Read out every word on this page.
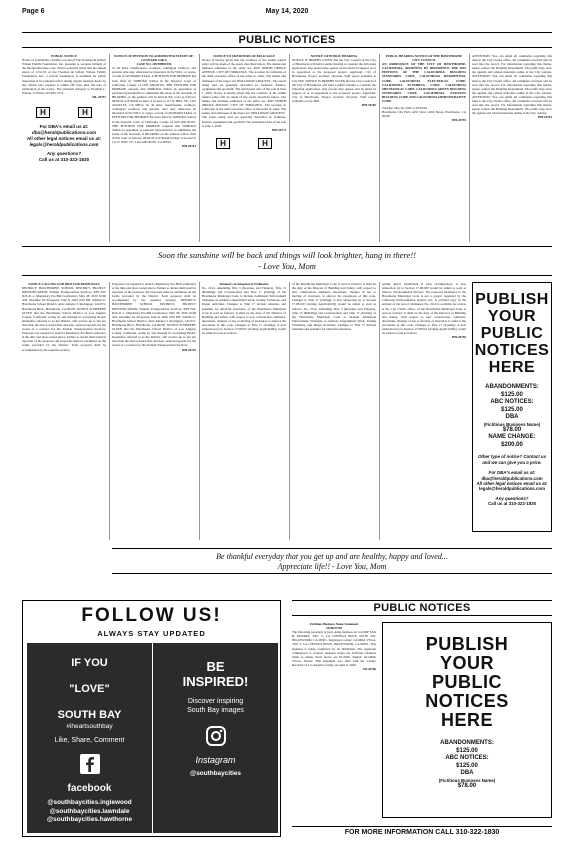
Page 6	May 14, 2020
PUBLIC NOTICES
PUBLIC NOTICE
Notice of availability of public records of The Freeman & Gilbert Wilson Family Foundation, Inc. pursuant to sections 6104(d) of the Internal Revenue code. Notice is hereby given that the annual return of 1231/19 of the Freeman & Gilbert Wilson Family Foundation, Inc., a private foundation, is available for public inspection at its principal office during regular business hours by any citizen who requests it within 180 days after the date of publication of the notice. The principal manager is Freeman L. Wilson, Jr. Phone 310-835-1574.
HL-26757
H	H
For DBA's email us at:
dba@heraldpublications.com
All other legal notices email us at:
legals@heraldpublications.com
Any questions?
Call us at 310-322-1830
NOTICE OF PETITION TO ADMINISTER ESTATE OF:
LEONARD SAKA
CASE NO. 20STPB01594
To all heirs, beneficiaries, creditors, contingent creditors, and persons who may otherwise be interested in the WILL or estate, or both of LEONARD SAKA. A PETITION FOR PROBATE has been filed by NOBUKO SAKA in the Superior Court of California, County of LOS ANGELES. THE PETITION FOR PROBATE requests that NOBUKO SAKA be appointed as personal representative to administer the estate of the decedent. A HEARING on the petition will be held in this court as follows: 06/02/20 at 8:30AM in Dept. 9 located at 111 N. HILL ST., LOS ANGELES, CA 90012. To all heirs, beneficiaries, creditors, contingent creditors, and persons who may otherwise be interested in the WILL or estate, or both of LEONARD SAKA. A PETITION FOR PROBATE has been filed by NOBUKO SAKA in the Superior Court of California, County of LOS ANGELES. THE PETITION FOR PROBATE requests that NOBUKO SAKA be appointed as personal representative to administer the estate of the decedent. A HEARING on the petition will be held in this court as follows: 06/02/20 at 8:30AM in Dept. 9 located at 111 N. HILL ST., LOS ANGELES, CA 90012.
HH-26761
NOTICE TO CREDITORS OF BULK SALE
Notice is hereby given that the creditors of the within named seller will be made of the assets described below. The names and business addresses of the seller are: 4025 NORTH ORIOLE AVENUE, CITY OF TORRANCE. The location in California of the chief executive office of the seller is: same. The names and addresses of the buyer are: HOLLOWAY GROUP PC. The assets being sold are generally described as: furniture, fixtures, equipment and goodwill. The anticipated date of the sale is June 1, 2020. Notice is hereby given that the creditors of the within named seller will be made of the assets described below. The names and business addresses of the seller are: 4025 NORTH ORIOLE AVENUE, CITY OF TORRANCE. The location in California of the chief executive office of the seller is: same. The names and addresses of the buyer are: HOLLOWAY GROUP PC. The assets being sold are generally described as: furniture, fixtures, equipment and goodwill. The anticipated date of the sale is June 1, 2020.
HH-26773
H	H
NOTICE OF PUBLIC HEARING
NOTICE IS HEREBY GIVEN that the City Council of the City of Hawthorne will hold a public hearing to consider the following application. Any person may appear and be heard in support of or in opposition to the proposed project. Applicant: City of Hawthorne. Project location: citywide. Staff report available at City Hall. NOTICE IS HEREBY GIVEN that the City Council of the City of Hawthorne will hold a public hearing to consider the following application. Any person may appear and be heard in support of or in opposition to the proposed project. Applicant: City of Hawthorne. Project location: citywide. Staff report available at City Hall.
HH-26760
PUBLIC HEARING NOTICE OF THE HAWTHORNE CITY COUNCIL
AN ORDINANCE OF THE CITY OF HAWTHORNE, CALIFORNIA, ADOPTING BY REFERENCE THE 2019 EDITIONS OF THE CALIFORNIA BUILDING STANDARDS CODE, CALIFORNIA RESIDENTIAL CODE, CALIFORNIA ELECTRICAL CODE, CALIFORNIA PLUMBING CODE, CALIFORNIA MECHANICAL CODE, CALIFORNIA GREEN BUILDING STANDARDS CODE, CALIFORNIA EXISTING BUILDING CODE AND CALIFORNIA ADMINISTRATIVE CODE.
Tuesday, May 26, 2020 at 6:00 PM
Hawthorne City Hall, 4455 West 126th Street, Hawthorne, CA 90250
HH-26759
ATTENTION: You can email all comments regarding this item to the City Clerk's office. All comments received will be read into the record. For information regarding this matter, please contact the Planning Department. The public may view the agenda and related materials online at the City website. ATTENTION: You can email all comments regarding this item to the City Clerk's office. All comments received will be read into the record. For information regarding this matter, please contact the Planning Department. The public may view the agenda and related materials online at the City website. ATTENTION: You can email all comments regarding this item to the City Clerk's office. All comments received will be read into the record. For information regarding this matter, please contact the Planning Department. The public may view the agenda and related materials online at the City website.
HH-26763
Soon the sunshine will be back and things will look brighter, hang in there!!
- Love You, Mom
NOTICE CALLING FOR BIDS FOR PROPOSALS
DISTRICT: HAWTHORNE SCHOOL DISTRICT. PROJECT IDENTIFICATION: Student Transportation Services. RFP NO: R23-21-1. Mandatory Pre-Bid Conference: May 28, 2020 10:00 AM. Deadline for Proposals: June 8, 2020 2:00 PM. Submit to: Hawthorne School District, Attn: Amador I. Rodriguez, 14120 S. Hawthorne Blvd., Hawthorne, CA 90250. NOTICE IS HEREBY GIVEN that the Hawthorne School District of Los Angeles County, California, acting by and through its Governing Board, hereinafter referred to as the District, will receive up to but not later than the above-stated time and date, sealed proposals for the award of a contract for the Student Transportation Services. Proposers are required to attend a Mandatory Pre-Bid Conference at the time and place stated above. Failure to attend shall result in rejection of the proposal. All proposals must be submitted on the forms provided by the District. Each proposal shall be accompanied by the required security.
Proposers are required to attend a Mandatory Pre-Bid Conference at the time and place stated above. Failure to attend shall result in rejection of the proposal. All proposals must be submitted on the forms provided by the District. Each proposal shall be accompanied by the required security. DISTRICT: HAWTHORNE SCHOOL DISTRICT. PROJECT IDENTIFICATION: Student Transportation Services. RFP NO: R23-21-1. Mandatory Pre-Bid Conference: May 28, 2020 10:00 AM. Deadline for Proposals: June 8, 2020 2:00 PM. Submit to: Hawthorne School District, Attn: Amador I. Rodriguez, 14120 S. Hawthorne Blvd., Hawthorne, CA 90250. NOTICE IS HEREBY GIVEN that the Hawthorne School District of Los Angeles County, California, acting by and through its Governing Board, hereinafter referred to as the District, will receive up to but not later than the above-stated time and date, sealed proposals for the award of a contract for the Student Transportation Services.
HH-26755
Summary of Adoption of Ordinance
No. 2214, Amending Title 3 (Revenue and Finance), Title 15 (Buildings and Construction) and Title 17 (Zoning) of the Hawthorne Municipal Code to Include Additional Enforcement Strategies to Address Unpermitted Work, Zoning Violations, and Illegal Activities. Changes to Title 17 include remedies and penalties for unlawful structures. of the Hawthorne Municipal Code is read as follows: It shall be the duty of the Director of Building and Safety, with respect to new construction, additions, alterations, changes of use or moving of structures to enforce the provisions of this code. Changes to Title 17 (Zoning): A new subsection (i) to Section 17.08.010 (Zoning Applicability) would be added to read as follows.
of the Hawthorne Municipal Code is read as follows: It shall be the duty of the Director of Building and Safety, with respect to new construction, additions, alterations, changes of use or moving of structures to enforce the provisions of this code. Changes to Title 17 (Zoning): A new subsection (i) to Section 17.08.010 (Zoning Applicability) would be added to read as follows. No. 2214, Amending Title 3 (Revenue and Finance), Title 15 (Buildings and Construction) and Title 17 (Zoning) of the Hawthorne Municipal Code to Include Additional Enforcement Strategies to Address Unpermitted Work, Zoning Violations, and Illegal Activities. Changes to Title 17 include remedies and penalties for unlawful structures.
permit and/or entitlement if such circumstances. A new subsection (i) to Section 17.08.030 would be added to read as follows. Environmental Review: The proposed Ordinance to the Hawthorne Municipal Code is not a project regulated by the California Environmental Quality Act. A certified copy of the entirety of the text of Ordinance No. 2214 is available for review at the City Clerk's office. of the Hawthorne Municipal Code is read as follows: It shall be the duty of the Director of Building and Safety, with respect to new construction, additions, alterations, changes of use or moving of structures to enforce the provisions of this code. Changes to Title 17 (Zoning): A new subsection (i) to Section 17.08.010 (Zoning Applicability) would be added to read as follows.
HH-26758
PUBLISH
YOUR
PUBLIC
NOTICES
HERE
ABANDONMENTS:
$125.00
ABC NOTICES:
$125.00
DBA
(Fictitious Business Name)
$78.00
NAME CHANGE:
$200.00
Other type of notice? Contact us and we can give you a price.
For DBA's email us at:
dba@heraldpublications.com
All other legal notices email us at:
legals@heraldpublications.com
Any questions?
Call us at 310-322-1830
Be thankful everyday that you get up and are healthy, happy and loved...
Appreciate life!! - Love You, Mom
FOLLOW US!
ALWAYS STAY UPDATED
IF YOU
"LOVE"
SOUTH BAY
#iheartsouthbay
Like, Share, Comment
facebook
@southbaycities.inglewood
@southbaycities.lawndale
@southbaycities.hawthorne
BE
INSPIRED!
Discover inspiring
South Bay images
Instagram
@southbaycities
PUBLIC NOTICES
Fictitious Business Name Statement
2020047758
The following person(s) is (are) doing business as: GLORY TAX & NOTARY, 3301 S. LA CIENEGA BLVD SUITE 305, INGLEWOOD, CA 90301. Registered owner: GLORIA VEGA, 3301 S. LA CIENEGA BLVD, INGLEWOOD, CA 90301. This business is being conducted by an Individual. The registrant commenced to transact business under the fictitious business name or names listed above on: 01/2020. Signed: GLORIA VEGA, Owner. This statement was filed with the County Recorder of Los Angeles County on April 6, 2020.
HI-26766
PUBLISH
YOUR
PUBLIC
NOTICES
HERE
ABANDONMENTS:
$125.00
ABC NOTICES:
$125.00
DBA
(Fictitious Business Name)
$78.00
FOR MORE INFORMATION CALL 310-322-1830
